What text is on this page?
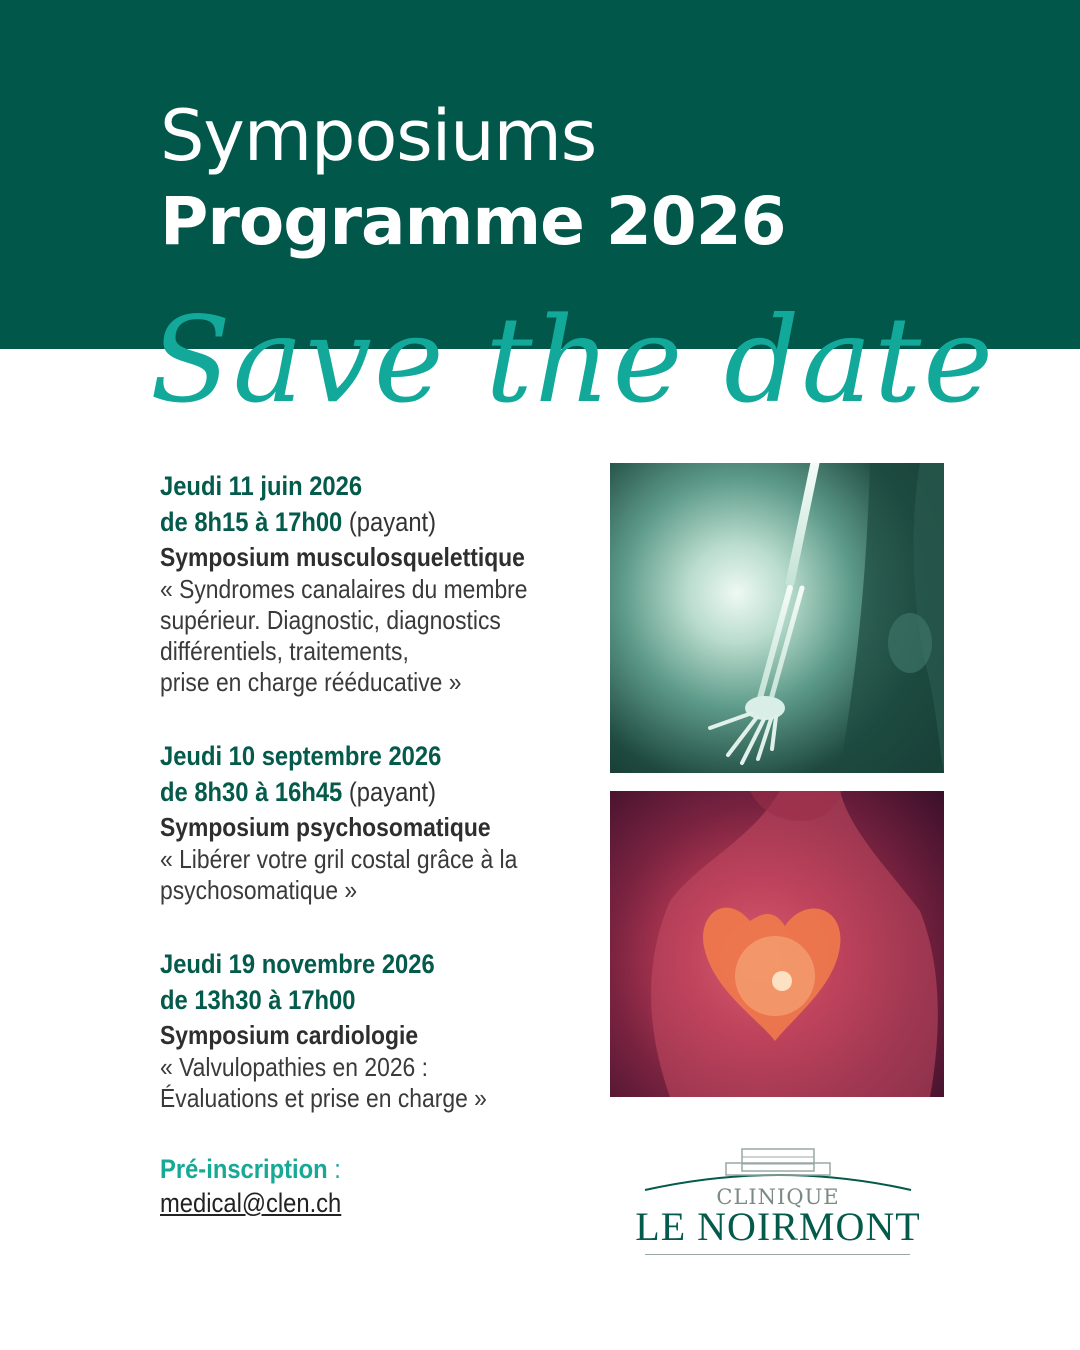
Symposiums
Programme 2026
Save the date
Jeudi 11 juin 2026
de 8h15 à 17h00 (payant)
Symposium musculosquelettique
« Syndromes canalaires du membre
supérieur. Diagnostic, diagnostics
différentiels, traitements,
prise en charge rééducative »
Jeudi 10 septembre 2026
de 8h30 à 16h45 (payant)
Symposium psychosomatique
« Libérer votre gril costal grâce à la
psychosomatique »
Jeudi 19 novembre 2026
de 13h30 à 17h00
Symposium cardiologie
« Valvulopathies en 2026 :
Évaluations et prise en charge »
Pré-inscription :
medical@clen.ch	CLINIQUE
LE NOIRMONT
